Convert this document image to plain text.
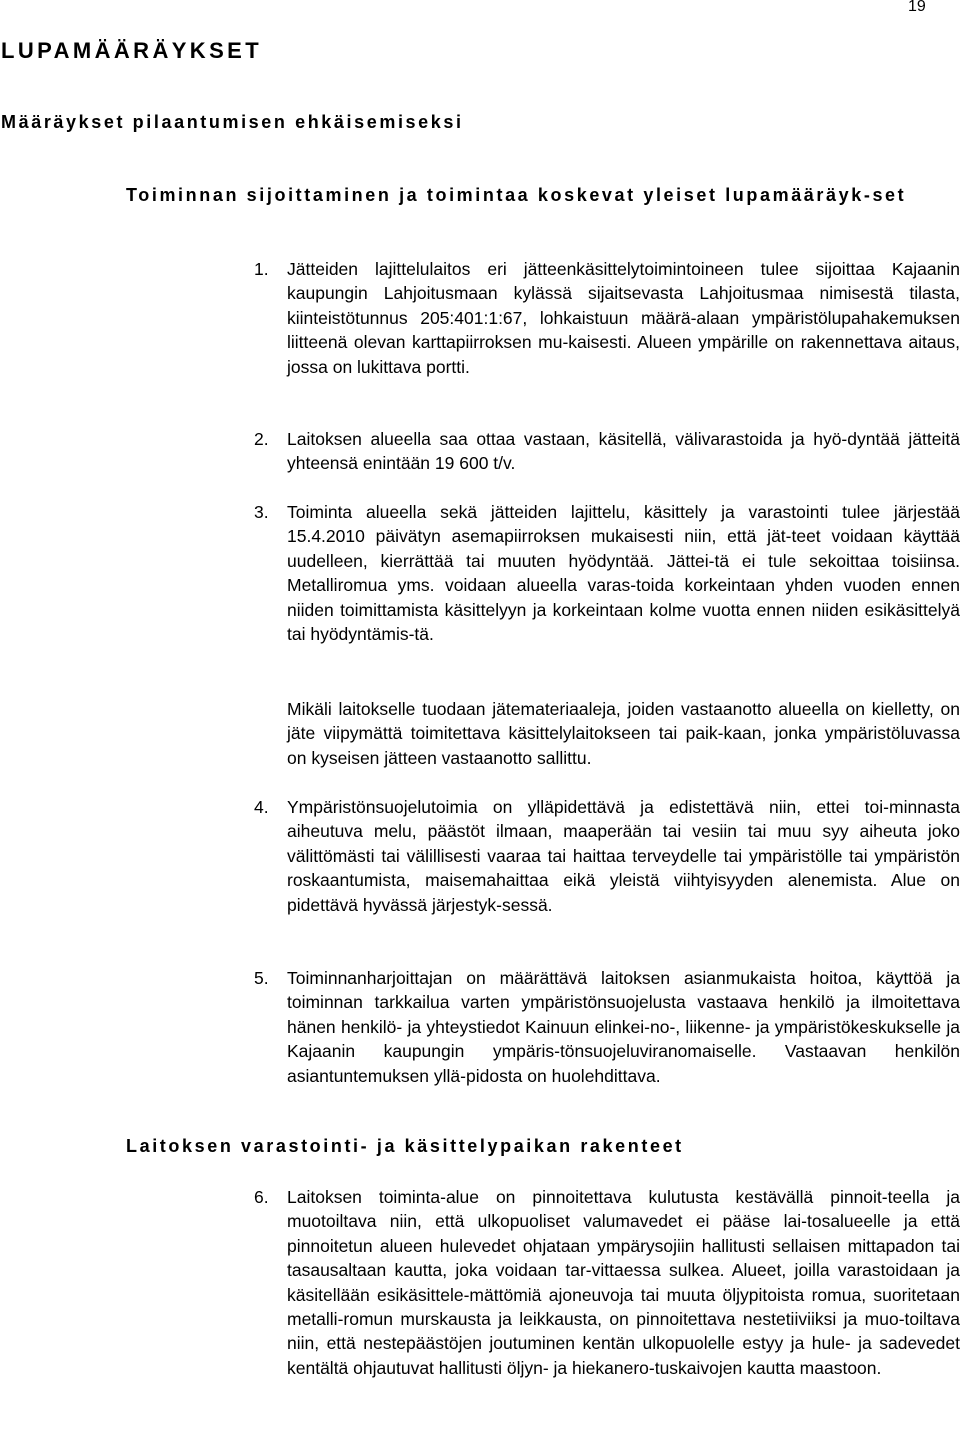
19
LUPAMÄÄRÄYKSET
Määräykset pilaantumisen ehkäisemiseksi
Toiminnan sijoittaminen ja toimintaa koskevat yleiset lupamääräyk-set
1. Jätteiden lajittelulaitos eri jätteenkäsittelytoimintoineen tulee sijoittaa Kajaanin kaupungin Lahjoitusmaan kylässä sijaitsevasta Lahjoitusmaa nimisestä tilasta, kiinteistötunnus 205:401:1:67, lohkaistuun määrä-alaan ympäristölupahakemuksen liitteenä olevan karttapiirroksen mu-kaisesti. Alueen ympärille on rakennettava aitaus, jossa on lukittava portti.
2. Laitoksen alueella saa ottaa vastaan, käsitellä, välivarastoida ja hyö-dyntää jätteitä yhteensä enintään 19 600 t/v.
3. Toiminta alueella sekä jätteiden lajittelu, käsittely ja varastointi tulee järjestää 15.4.2010 päivätyn asemapiirroksen mukaisesti niin, että jät-teet voidaan käyttää uudelleen, kierrättää tai muuten hyödyntää. Jättei-tä ei tule sekoittaa toisiinsa. Metalliromua yms. voidaan alueella varas-toida korkeintaan yhden vuoden ennen niiden toimittamista käsittelyyn ja korkeintaan kolme vuotta ennen niiden esikäsittelyä tai hyödyntämis-tä.

Mikäli laitokselle tuodaan jätemateriaaleja, joiden vastaanotto alueella on kielletty, on jäte viipymättä toimitettava käsittelylaitokseen tai paik-kaan, jonka ympäristöluvassa on kyseisen jätteen vastaanotto sallittu.

4. Ympäristönsuojelutoimia on ylläpidettävä ja edistettävä niin, ettei toi-minnasta aiheutuva melu, päästöt ilmaan, maaperään tai vesiin tai muu syy aiheuta joko välittömästi tai välillisesti vaaraa tai haittaa terveydelle tai ympäristölle tai ympäristön roskaantumista, maisemahaittaa eikä yleistä viihtyisyyden alenemista. Alue on pidettävä hyvässä järjestyk-sessä.
5. Toiminnanharjoittajan on määrättävä laitoksen asianmukaista hoitoa, käyttöä ja toiminnan tarkkailua varten ympäristönsuojelusta vastaava henkilö ja ilmoitettava hänen henkilö- ja yhteystiedot Kainuun elinkei-no-, liikenne- ja ympäristökeskukselle ja Kajaanin kaupungin ympäris-tönsuojeluviranomaiselle. Vastaavan henkilön asiantuntemuksen yllä-pidosta on huolehdittava.
Laitoksen varastointi- ja käsittelypaikan rakenteet
6. Laitoksen toiminta-alue on pinnoitettava kulutusta kestävällä pinnoit-teella ja muotoiltava niin, että ulkopuoliset valumavedet ei pääse lai-tosalueelle ja että pinnoitetun alueen hulevedet ohjataan ympärysojiin hallitusti sellaisen mittapadon tai tasausaltaan kautta, joka voidaan tar-vittaessa sulkea. Alueet, joilla varastoidaan ja käsitellään esikäsittele-mättömiä ajoneuvoja tai muuta öljypitoista romua, suoritetaan metalli-romun murskausta ja leikkausta, on pinnoitettava nestetiiviiksi ja muo-toiltava niin, että nestepäästöjen joutuminen kentän ulkopuolelle estyy ja hule- ja sadevedet kentältä ohjautuvat hallitusti öljyn- ja hiekanero-tuskaivojen kautta maastoon.
